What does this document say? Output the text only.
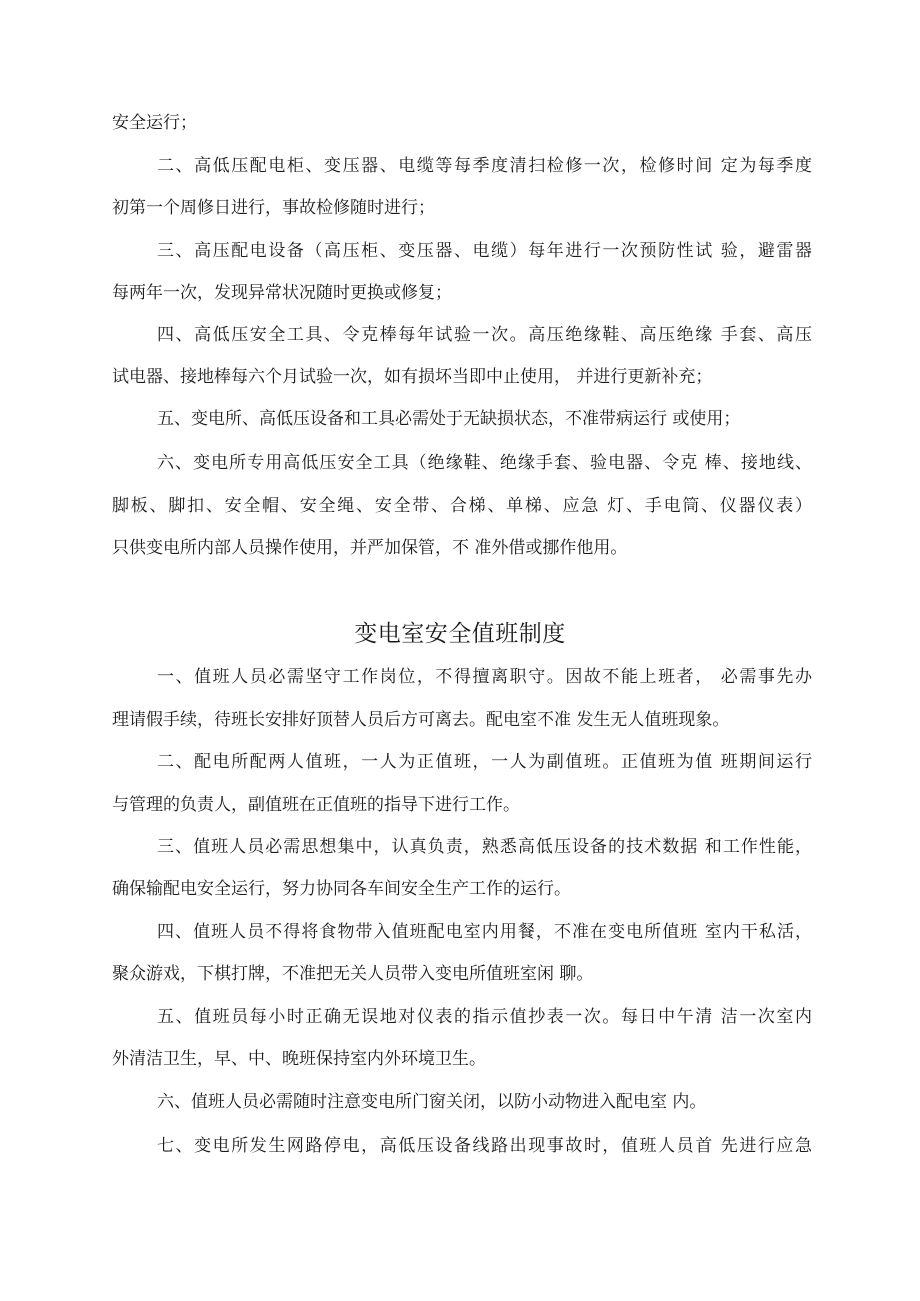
安全运行；
二、高低压配电柜、变压器、电缆等每季度清扫检修一次，检修时间 定为每季度
初第一个周修日进行，事故检修随时进行；
三、高压配电设备（高压柜、变压器、电缆）每年进行一次预防性试 验，避雷器
每两年一次，发现异常状况随时更换或修复；
四、高低压安全工具、令克棒每年试验一次。高压绝缘鞋、高压绝缘 手套、高压
试电器、接地棒每六个月试验一次，如有损坏当即中止使用， 并进行更新补充；
五、变电所、高低压设备和工具必需处于无缺损状态，不准带病运行 或使用；
六、变电所专用高低压安全工具（绝缘鞋、绝缘手套、验电器、令克 棒、接地线、
脚板、脚扣、安全帽、安全绳、安全带、合梯、单梯、应急 灯、手电筒、仪器仪表）
只供变电所内部人员操作使用，并严加保管，不 准外借或挪作他用。
变电室安全值班制度
一、值班人员必需坚守工作岗位，不得擅离职守。因故不能上班者， 必需事先办
理请假手续，待班长安排好顶替人员后方可离去。配电室不准 发生无人值班现象。
二、配电所配两人值班，一人为正值班，一人为副值班。正值班为值 班期间运行
与管理的负责人，副值班在正值班的指导下进行工作。
三、值班人员必需思想集中，认真负责，熟悉高低压设备的技术数据 和工作性能，
确保输配电安全运行，努力协同各车间安全生产工作的运行。
四、值班人员不得将食物带入值班配电室内用餐，不准在变电所值班 室内干私活，
聚众游戏，下棋打牌，不准把无关人员带入变电所值班室闲 聊。
五、值班员每小时正确无误地对仪表的指示值抄表一次。每日中午清 洁一次室内
外清洁卫生，早、中、晚班保持室内外环境卫生。
六、值班人员必需随时注意变电所门窗关闭，以防小动物进入配电室 内。
七、变电所发生网路停电，高低压设备线路出现事故时，值班人员首 先进行应急
